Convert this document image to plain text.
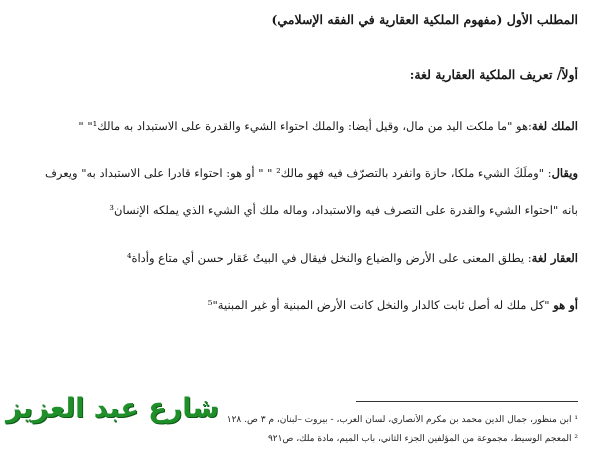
المطلب الأول (مفهوم الملكية العقارية في الفقه الإسلامي)
أولاً/ تعريف الملكية العقارية لغة:
الملك لغة:هو "ما ملكت اليد من مال، وقيل أيضا: والملك احتواء الشيء والقدرة على الاستبداد به مالك¹" "
ويقال: "وملَكَ الشيء ملكا، حازة وانفرد بالتصرّف فيه فهو مالك² " " أو هو: احتواء قادرا على الاستبداد به" ويعرف
بانه "احتواء الشيء والقدرة على التصرف فيه والاستبداد، وماله ملك أي الشيء الذي يملكه الإنسان³
العقار لغة: يطلق المعنى على الأرض والضياع والنخل فيقال في البيتُ عَقار حسن أي متاع وأداة⁴
أو هو "كل ملك له أصل ثابت كالدار والنخل كانت الأرض المبنية أو غير المبنية"⁵
¹ ابن منظور، جمال الدين محمد بن مكرم الأنصاري، لسان العرب، - بيروت –لبنان، م ٣ ص. ١٢٨
² المعجم الوسيط، مجموعة من المؤلفين الجزء الثاني، باب الميم، مادة ملك، ص٩٢١
شارع عبد العزيز
